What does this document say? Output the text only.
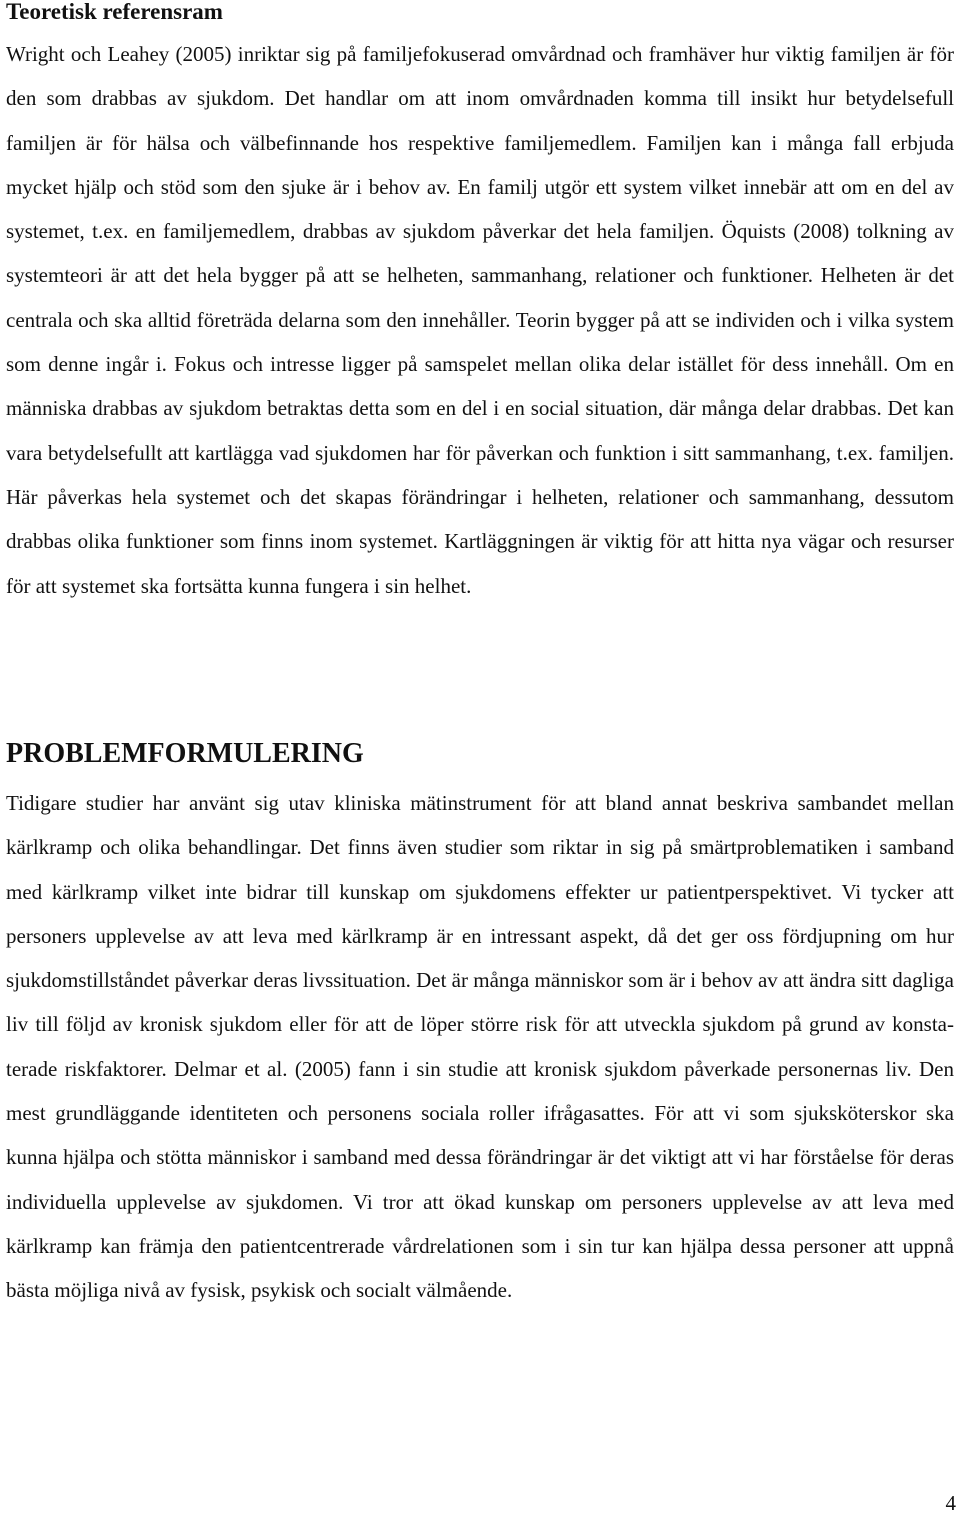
Teoretisk referensram

Wright och Leahey (2005) inriktar sig på familjefokuserad omvårdnad och framhäver hur viktig familjen är för den som drabbas av sjukdom. Det handlar om att inom omvårdnaden komma till insikt hur betydelsefull familjen är för hälsa och välbefinnande hos respektive familjemedlem. Familjen kan i många fall erbjuda mycket hjälp och stöd som den sjuke är i behov av. En familj utgör ett system vilket innebär att om en del av systemet, t.ex. en familjemedlem, drabbas av sjukdom påverkar det hela familjen. Öquists (2008) tolkning av systemteori är att det hela bygger på att se helheten, sammanhang, relationer och funktioner. Helheten är det centrala och ska alltid företräda delarna som den innehåller. Teorin bygger på att se individen och i vilka system som denne ingår i. Fokus och intresse ligger på samspelet mellan olika delar istället för dess innehåll. Om en människa drabbas av sjukdom betraktas detta som en del i en social situation, där många delar drabbas. Det kan vara betydelsefullt att kartlägga vad sjukdomen har för påverkan och funktion i sitt sammanhang, t.ex. familjen. Här påverkas hela systemet och det skapas förändringar i helheten, relationer och sammanhang, dessutom drabbas olika funktioner som finns inom systemet. Kartläggningen är viktig för att hitta nya vägar och resurser för att systemet ska fortsätta kunna fungera i sin helhet.

PROBLEMFORMULERING

Tidigare studier har använt sig utav kliniska mätinstrument för att bland annat beskriva sambandet mellan kärlkramp och olika behandlingar. Det finns även studier som riktar in sig på smärtproblematiken i samband med kärlkramp vilket inte bidrar till kunskap om sjukdomens effekter ur patientperspektivet. Vi tycker att personers upplevelse av att leva med kärlkramp är en intressant aspekt, då det ger oss fördjupning om hur sjukdomstillståndet påverkar deras livssituation. Det är många människor som är i behov av att ändra sitt dagliga liv till följd av kronisk sjukdom eller för att de löper större risk för att utveckla sjukdom på grund av konstaterade riskfaktorer. Delmar et al. (2005) fann i sin studie att kronisk sjukdom påverkade personernas liv. Den mest grundläggande identiteten och personens sociala roller ifrågasattes. För att vi som sjuksköterskor ska kunna hjälpa och stötta människor i samband med dessa förändringar är det viktigt att vi har förståelse för deras individuella upplevelse av sjukdomen. Vi tror att ökad kunskap om personers upplevelse av att leva med kärlkramp kan främja den patientcentrerade vårdrelationen som i sin tur kan hjälpa dessa personer att uppnå bästa möjliga nivå av fysisk, psykisk och socialt välmående.

4
